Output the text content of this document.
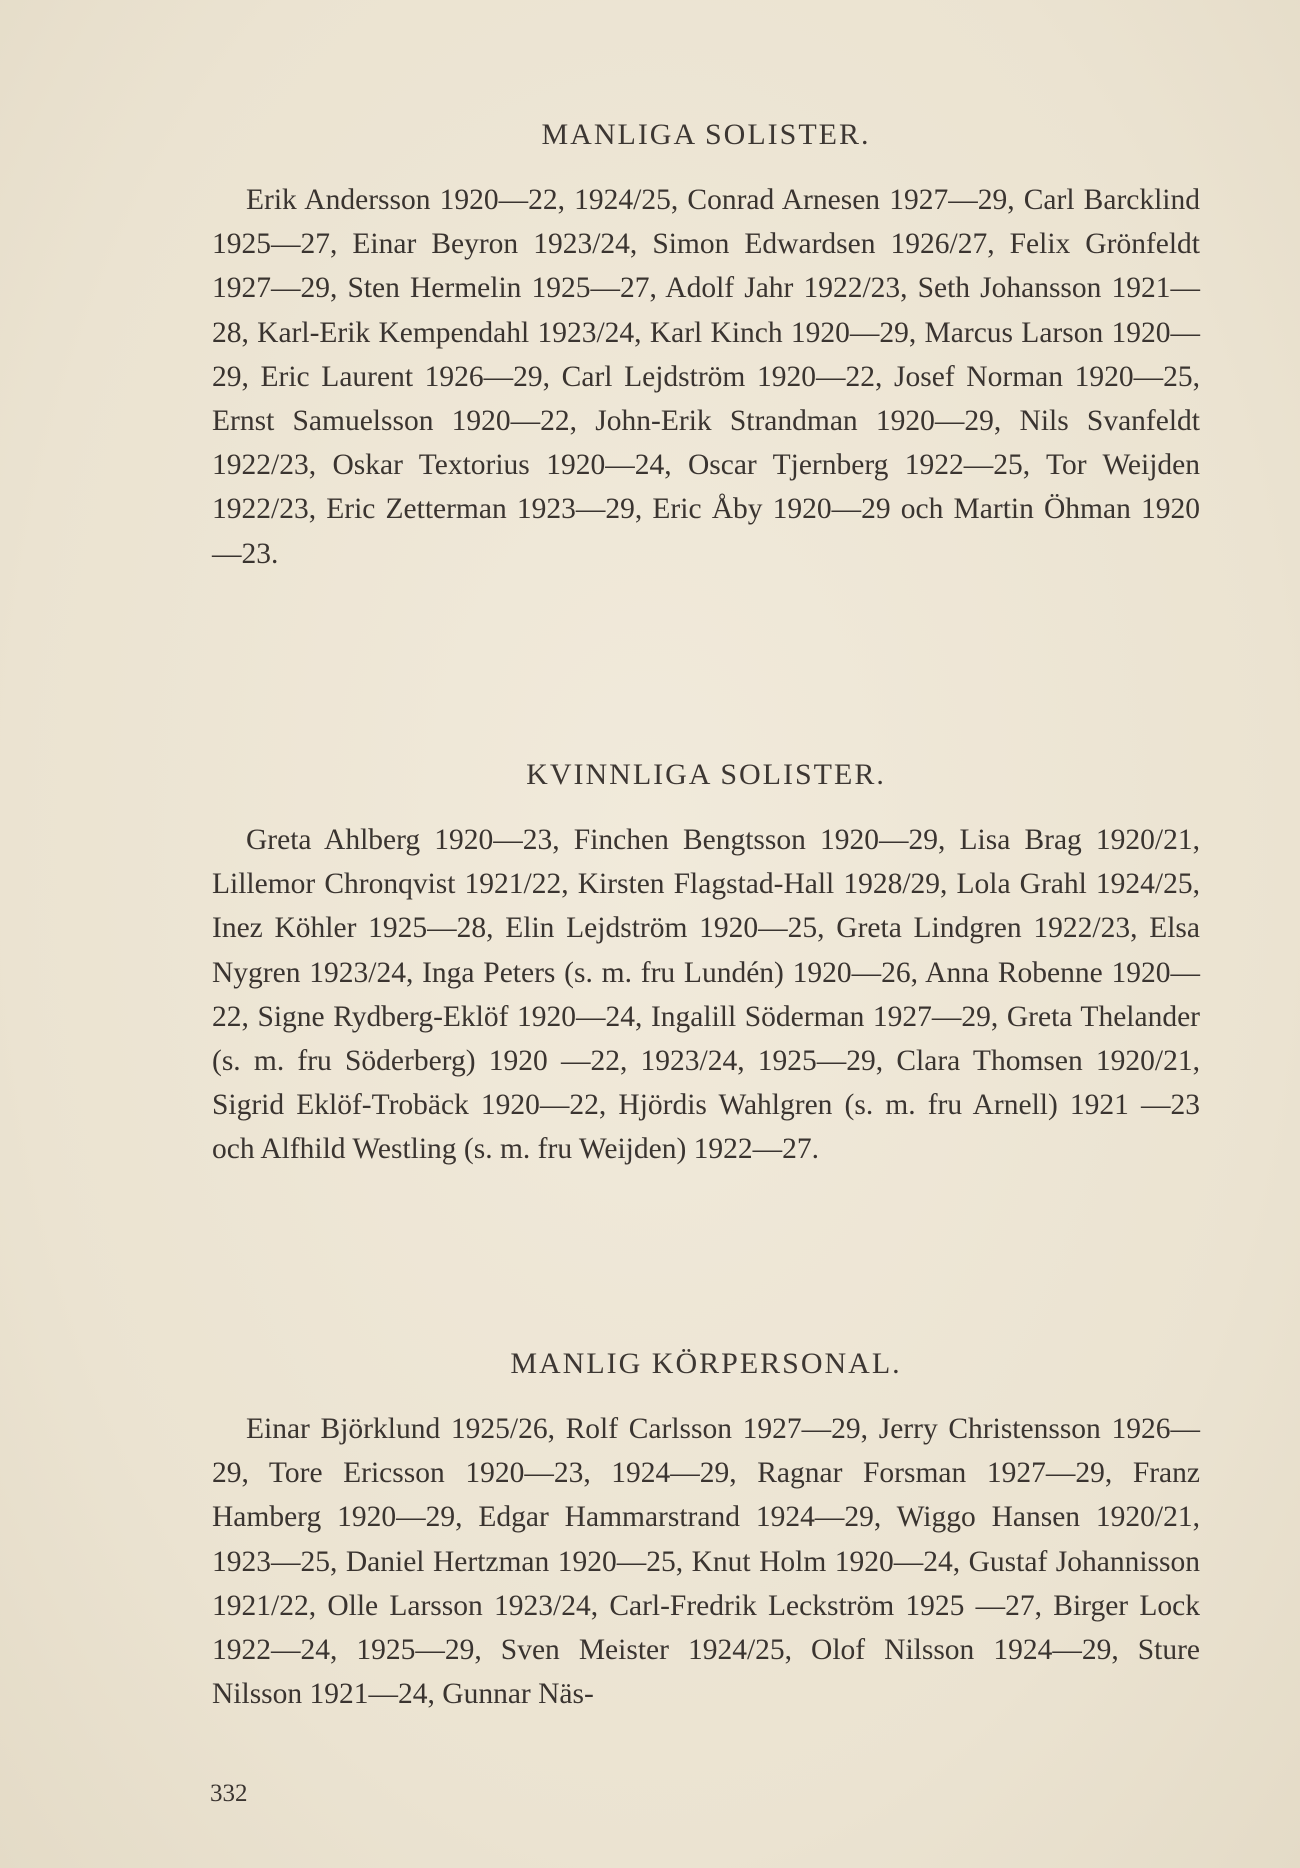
MANLIGA SOLISTER.

Erik Andersson 1920—22, 1924/25, Conrad Arnesen 1927—29, Carl Barcklind 1925—27, Einar Beyron 1923/24, Simon Edwardsen 1926/27, Felix Grönfeldt 1927—29, Sten Hermelin 1925—27, Adolf Jahr 1922/23, Seth Johansson 1921—28, Karl-Erik Kempendahl 1923/24, Karl Kinch 1920—29, Marcus Larson 1920—29, Eric Laurent 1926—29, Carl Lejdström 1920—22, Josef Norman 1920—25, Ernst Samuelsson 1920—22, John-Erik Strandman 1920—29, Nils Svanfeldt 1922/23, Oskar Textorius 1920—24, Oscar Tjernberg 1922—25, Tor Weijden 1922/23, Eric Zetterman 1923—29, Eric Åby 1920—29 och Martin Öhman 1920—23.

KVINNLIGA SOLISTER.

Greta Ahlberg 1920—23, Finchen Bengtsson 1920—29, Lisa Brag 1920/21, Lillemor Chronqvist 1921/22, Kirsten Flagstad-Hall 1928/29, Lola Grahl 1924/25, Inez Köhler 1925—28, Elin Lejdström 1920—25, Greta Lindgren 1922/23, Elsa Nygren 1923/24, Inga Peters (s. m. fru Lundén) 1920—26, Anna Robenne 1920—22, Signe Rydberg-Eklöf 1920—24, Ingalill Söderman 1927—29, Greta Thelander (s. m. fru Söderberg) 1920 —22, 1923/24, 1925—29, Clara Thomsen 1920/21, Sigrid Eklöf-Trobäck 1920—22, Hjördis Wahlgren (s. m. fru Arnell) 1921 —23 och Alfhild Westling (s. m. fru Weijden) 1922—27.

MANLIG KÖRPERSONAL.

Einar Björklund 1925/26, Rolf Carlsson 1927—29, Jerry Christensson 1926—29, Tore Ericsson 1920—23, 1924—29, Ragnar Forsman 1927—29, Franz Hamberg 1920—29, Edgar Hammarstrand 1924—29, Wiggo Hansen 1920/21, 1923—25, Daniel Hertzman 1920—25, Knut Holm 1920—24, Gustaf Johannisson 1921/22, Olle Larsson 1923/24, Carl-Fredrik Leckström 1925 —27, Birger Lock 1922—24, 1925—29, Sven Meister 1924/25, Olof Nilsson 1924—29, Sture Nilsson 1921—24, Gunnar Näs-

332
